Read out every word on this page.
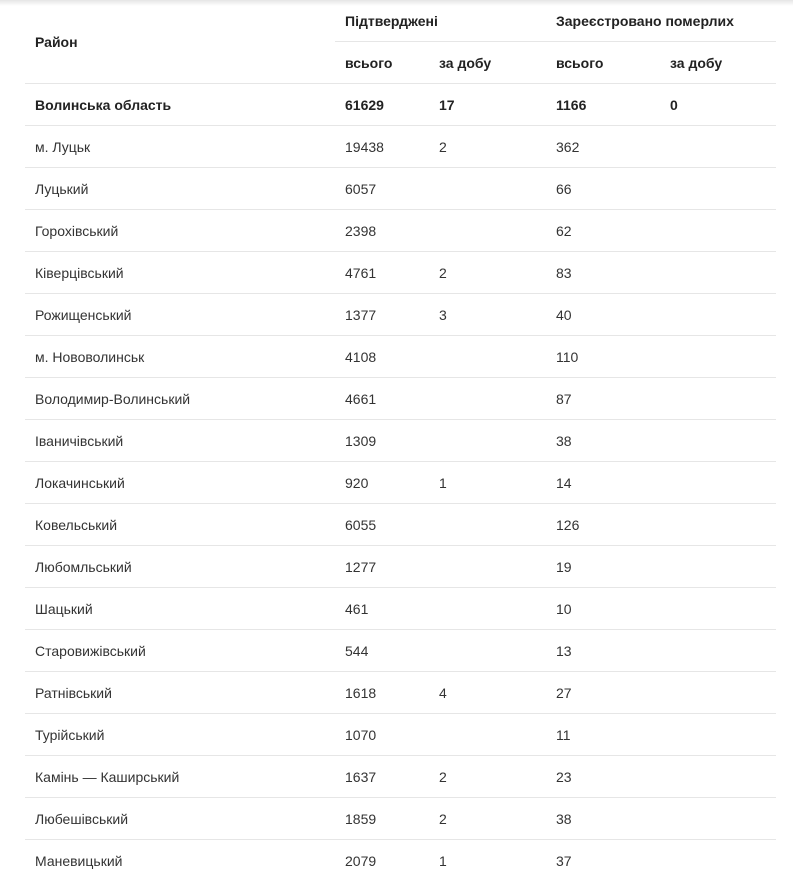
Район	Підтверджені		Зареєстровано померлих	
	всього	за добу	всього	за добу
Волинська область	61629	17	1166	0
м. Луцьк	19438	2	362	
Луцький	6057		66	
Горохівський	2398		62	
Ківерцівський	4761	2	83	
Рожищенський	1377	3	40	
м. Нововолинськ	4108		110	
Володимир-Волинський	4661		87	
Іваничівський	1309		38	
Локачинський	920	1	14	
Ковельський	6055		126	
Любомльський	1277		19	
Шацький	461		10	
Старовижівський	544		13	
Ратнівський	1618	4	27	
Турійський	1070		11	
Камінь — Каширський	1637	2	23	
Любешівський	1859	2	38	
Маневицький	2079	1	37	
